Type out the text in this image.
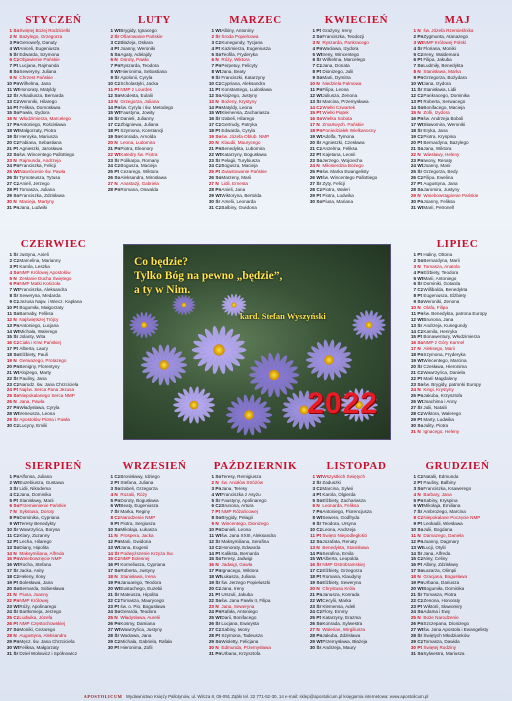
STYCZEŃ
1 So Świętej Bożej Rodzicielki
2 N Bazylego, Grzegorza
3 Pn Genowefy, Danuty
4 Wt Aniceli, Eugeniusza
5 Śr Edwarda, Szymona
6 Cz Objawienie Pańskie
7 Pt Lucjana, Rajmunda
8 So Seweryny, Juliana
9 N Chrzest Pańskie
10 Pn Wilhelma, Jana
11 Wt Honoraty, Matyldy
12 Śr Arkadiusza, Bernarda
13 Cz Weroniki, Hilarego
14 Pt Feliksa, Domosława
15 So Pawła, Izydora
16 N Włodzimierza, Marcelego
17 Pn Antoniego, Rościsława
18 Wt Małgorzaty, Piotra
19 Śr Henryka, Mariusza
20 Cz Fabiana, Sebastiana
21 Pt Agnieszki, Jarosława
22 So św. Wincentego Pallottiego
23 N Rajmunda, Andrzeja
24 Pn Franciszka, Felicji
25 Wt Nawrócenie św. Pawła
26 Śr Tymoteusza, Tytusa
27 Cz Anieli, Jerzego
28 Pt Tomasza, Juliana
29 So Franciszka, Zdzisława
30 N Macieja, Martyny
31 Pn Jana, Ludwiki
LUTY
1 Wt Brygidy, Ignacego
2 Śr Ofiarowanie Pańskie
3 Cz Błażeja, Oskara
4 Pt Joanny, Weroniki
5 So Agaty, Adelajdy
6 N Doroty, Pawła
7 Pn Ryszarda, Teodora
8 Wt Hieronima, Sebastiana
9 Śr Apolonii, Cyryla
10 Cz Scholastyki, Jacka
11 Pt NMP z Lourdes
12 So Modesta, Eulalii
13 N Grzegorza, Juliana
14 Pn św. Cyryla i św. Metodego
15 Wt Faustyna, Jowity
16 Śr Danieli, Julianny
17 Cz Zbigniewa, Juliana
18 Pt Szymona, Konstancji
19 So Konrada, Arnolda
20 N Leona, Ludomira
21 Pn Piotra, Eleonory
22 Wt Katedry św. Piotra
23 Śr Polikarpa, Romany
24 Cz Bogusza, Macieja
25 Pt Cezarego, Wiktora
26 So Aleksandra, Mirosława
27 N Anastazji, Gabriela
28 Pn Romana, Oswalda
MARZEC
1 Wt Albiny, Antoniny
2 Śr Środa Popielcowa
3 Cz Kunegundy, Tycjana
4 Pt Kazimierza, Eugeniusza
5 So Teofila, Fryderyka
6 N Róży, Wiktora
7 Pn Perpetuy, Felicyty
8 Wt Jana, Beaty
9 Śr Franciszki, Katarzyny
10 Cz Cypriana, Aleksandra
11 Pt Konstantego, Ludosława
12 So Alojzego, Justyny
13 N Bożeny, Krystyny
14 Pn Matyldy, Leona
15 Wt Klemensa, Zachariasza
16 Śr Izabeli, Hilarego
17 Cz Gertrudy, Patryka
18 Pt Edwarda, Cyryla
19 So św. Józefa Oblub. NMP
20 N Klaudii, Maurycego
21 Pn Benedykta, Lubomira
22 Wt Katarzyny, Bogusława
23 Śr Pelagii, Turybiusza
24 Cz Bogusza, Macieja
25 Pt Zwiastowanie Pańskie
26 So Marzeny, Marii
27 N Lidii, Ernesta
28 Pn Anieli, Jana
29 Wt Wiktoryna, Bertolda
30 Śr Amelii, Leonarda
31 Cz Balbiny, Gwidona
KWIECIEŃ
1 Pt Grażyny, Ireny
2 So Franciszka, Teodozji
3 N Ryszarda, Pankracego
4 Pn Wacława, Izydora
5 Wt Ireny, Wincentego
6 Śr Wilhelma, Marcelego
7 Cz Jana, Donata
8 Pt Dionizego, Julii
9 So Marii, Dymitra
10 N Niedziela Palmowa
11 Pn Filipa, Leona
12 Wt Juliusza, Zenona
13 Śr Marcina, Przemysława
14 Cz Wielki Czwartek
15 Pt Wielki Piątek
16 So Wielka Sobota
17 N Zmartwych. Pańskie
18 Pn Poniedziałek Wielkanocny
19 Wt Adolfa, Tymona
20 Śr Agnieszki, Czesława
21 Cz Anzelma, Feliksa
22 Pt Kajetana, Leonii
23 So Jerzego, Wojciecha
24 N Miłosierdzia Bożego
25 Pn św. Marka Ewangelisty
26 Wt św. Wincentego Pallottiego
27 Śr Zyty, Felicji
28 Cz Piotra, Waleri
29 Pt Piotra, Ludwika
30 So Piusa, Mariana
MAJ
1 N św. Józefa Rzemieślnika
2 Pn Zygmunta, Atanazego
3 Wt NMP Królowej Polski
4 Śr Floriana, Moniki
5 Cz Ireny, Waldemara
6 Pt Filipa, Jakuba
7 So Ludmiły, Benedykta
8 N Stanisława, Marka
9 Pn Grzegorza, Bożydara
10 Wt Jana, Izydora
11 Śr Stanisława, Lidii
12 Cz Pankracego, Dominika
13 Pt Roberta, Serwacego
14 So Bonifacego, Macieja
15 N Zofii, Izydora
16 Pn św. Andrzeja Boboli
17 Wt Sławomira, Weroniki
18 Śr Eryka, Jana
19 Cz Piotra, Kryspina
20 Pt Bernardyna, Bazylego
21 So Jana, Wiktora
22 N Wiesławy, Heleny
23 Pn Iwony, Renaty
24 Wt Joanny, Marii
25 Śr Grzegorza, Bedy
26 Cz Filipa, Ewelina
27 Pt Augustyna, Jana
28 So Jaromira, Justyny
29 N Wniebowstąpienie Pańskie
30 Pn Joanny, Feliksa
31 Wt Marii, Petronell
CZERWIEC
1 Śr Justyna, Anieli
2 Cz Marcelina, Marianny
3 Pt Karola, Leszka
4 So NMP Królowej Apostołów
5 N Zesłanie Ducha Świętego
6 Pn NMP Matki Kościoła
7 Wt Franciszka, Aleksandra
8 Śr Seweryna, Medarda
9 Cz Jezusa Najw. i Wiecz. Kapłana
10 Pt Bogumiła, Małgorzaty
11 So Barnaby, Feliksa
12 N Najświętszej Trójcy
13 Pn Antoniego, Lucjana
14 Wt Michała, Walerego
15 Śr Jolanty, Wita
16 Cz Ciała i Krwi Pańskiej
17 Pt Alberta, Laury
18 So Elżbiety, Pauli
19 N Gerwazego, Protazego
20 Pn Benigny, Florentyny
21 Wt Alojzego, Marty
22 Śr Pauliny, Jana
23 Cz Narodz. św. Jana Chrzciciela
24 Pt Najśw. Serca Pana Jezusa
25 So Niepokalanego Serca NMP
26 N Jana, Pawła
27 Pn Władysława, Cyryla
28 Wt Ireneusza, Leona
29 Śr Apostołów Piotra i Pawła
30 Cz Lucyny, Emilii
LIPIEC
1 Pt Haliny, Ottona
2 So Bernardyna, Marii
3 N Tomasza, Anatola
4 Pn Elżbiety, Teodora
5 Wt Marii, Antoniego
6 Śr Dominiki, Gotarda
7 Cz Willibalda, Benedykta
8 Pt Eugeniusza, Elżbiety
9 So Weroniki, Zenona
10 N Olafa, Filipa
11 Pn św. Benedykta, patrona Europy
12 Wt Brunona, Jana
13 Śr Andrzeja, Kunegundy
14 Cz Kamila, Henryka
15 Pt Bonawentury, Włodzimierza
16 So NMP z Góry Karmel
17 N Aleksego, Marii
18 Pn Szymona, Fryderyka
19 Wt Wincentego, Marcina
20 Śr Czesława, Hieronima
21 Cz Wawrzyńca, Daniela
22 Pt Marii Magdaleny
23 So św. Brygidy, patronki Europy
24 N Kingi, Krystyny
25 Pn Jakuba, Krzysztofa
26 Wt Joachima i Anny
27 Śr Julii, Natalii
28 Cz Wiktora, Walerego
29 Pt Marty, Ludwika
30 So Julity, Piotra
31 N Ignacego, Heleny
SIERPIEŃ
1 Pn Alfonsa, Juliana
2 Wt Euzebiusza, Gustawa
3 Śr Lidii, Nikodema
4 Cz Jana, Dominika
5 Pt Stanisławy, Marii
6 So Przemienienie Pańskie
7 N Sykstusa, Doroty
8 Pn Dominika, Cypriana
9 Wt Teresy Benedykty
10 Śr Wawrzyńca, Borysa
11 Cz Klary, Zuzanny
12 Pt Lecha, Hilarego
13 So Diany, Hipolita
14 N Maksymiliana, Alfreda
15 Pn Wniebowzięcie NMP
16 Wt Rocha, Stefana
17 Śr Jacka, Anity
18 Cz Heleny, Ilony
19 Pt Bolesława, Jana
20 So Bernarda, Sobiesława
21 N Piusa, Joanny
22 Pn NMP Królowej
23 Wt Róży, Apolinarego
24 Śr Bartłomieja, Jerzego
25 Cz Ludwika, Józefa
26 Pt NMP Częstochowskiej
27 So Moniki, Cezarego
28 N Augustyna, Aleksandra
29 Pn Męcz. św. Jana Chrzciciela
30 Wt Feliksa, Małgorzaty
31 Śr Dzieł Wołowicz i Spółnowicz
WRZESIEŃ
1 Cz Bronisławy, Idziego
2 Pt Stefana, Juliana
3 So Izabeli, Grzegorza
4 N Rozalii, Róży
5 Pn Doroty, Bogusława
6 Wt Beaty, Eugeniusza
7 Śr Marka, Reginy
8 Cz Narodzenie NMP
9 Pt Piotra, Sergiusza
10 So Mikołaja, Łukasza
11 N Prospera, Jacka
12 Pn Marii, Gwidona
13 Wt Jana, Eugenii
14 Śr Podwyższenie Krzyża Św.
15 Cz NMP Bolesnej
16 Pt Korneliusza, Cypriana
17 So Roberta, Justyny
18 N Stanisława, Irena
19 Pn Januarego, Teodora
20 Wt Eustachego, Euzebii
21 Śr Mateusza, Hipolita
22 Cz Tomasza, Maurycego
23 Pt św. o. Pio, Bogusława
24 So Gerarda, Teodora
25 N Władysława, Aurelii
26 Pn Kosmy, Damiana
27 Wt Wawrzyńca, Justyny
28 Śr Wacława, Jana
29 Cz Michała, Gabriela, Rafała
30 Pt Hieronima, Zofii
PAŹDZIERNIK
1 So Teresy, Remigiusza
2 N św. Aniołów Stróżów
3 Pn Jana, Teresy
4 Wt Franciszka z Asyżu
5 Śr Faustyny, Apolinarego
6 Cz Brunona, Artura
7 Pt NMP Różańcowej
8 So Brygidy, Pelagii
9 N Wincentego, Dionizego
10 Pn Danieli, Leona
11 Wt św. Jana XXIII, Aleksandra
12 Śr Maksymiliana, Serafina
13 Cz Honoraty, Edwarda
14 Pt Kaliksta, Bernarda
15 So Teresy, Jadwigi
16 N Jadwigi, Gawła
17 Pn Ignacego, Wiktora
18 Wt Łukasza, Juliana
19 Śr św. Jerzego Popiełuszki
20 Cz Jana, Ireny
21 Pt Urszuli, Jakuba
22 So św. Jana Pawła II, Filipa
23 N Jana, Seweryna
24 Pn Rafała, Antoniego
25 Wt Darii, Bonifacego
26 Śr Lucjana, Ewarysta
27 Cz Sabiny, Iwony
28 Pt Szymona, Tadeusza
29 So Wioletty, Felicjana
30 N Edmunda, Przemysława
31 Pn Urbana, Krzysztofa
LISTOPAD
1 Wt Wszystkich Świętych
2 Śr Zaduszki
3 Cz Marcina, Sylwii
4 Pt Karola, Olgierda
5 So Elżbiety, Zachariasza
6 N Leonarda, Feliksa
7 Pn Antoniego, Florencjusza
8 Wt Sewera, Godfryda
9 Śr Teodora, Ursyna
10 Cz Leona, Andrzeja
11 Pt Święto Niepodległości
12 So Jozafata, Renaty
13 N Benedykta, Stanisława
14 Pn Serafina, Emila
15 Wt Alberta, Leopolda
16 Śr NMP Ostrobramskiej
17 Cz Elżbiety, Grzegorza
18 Pt Romana, Klaudyny
19 So Elżbiety, Seweryna
20 N Chrystusa Króla
21 Pn Janusza, Konrada
22 Wt Cecylii, Marka
23 Śr Klemensa, Adeli
24 Cz Flory, Emmy
25 Pt Katarzyny, Erazma
26 So Konrada, Sylwestra
27 N Walerian, Wirgiliusza
28 Pn Jakuba, Zdzisława
29 Wt Przemysława, Błażeja
30 Śr Andrzeja, Maury
GRUDZIEŃ
1 Cz Natalii, Edmunda
2 Pt Pauliny, Balbiny
3 So Franciszka, Ksawerego
4 N Barbary, Jana
5 Pn Sabiny, Kryspina
6 Wt Mikołaja, Emiliana
7 Śr Ambrożego, Marcina
8 Cz Niepokalane Poczęcie NMP
9 Pt Leokadii, Wiesława
10 So Julii, Bogdana
11 N Damazego, Daniela
12 Pn Joanny, Dagmary
13 Wt Łucji, Otylii
14 Śr Jana, Alfreda
15 Cz Niny, Celiny
16 Pt Albiny, Zdzisławy
17 So Łazarza, Olimpii
18 N Gracjana, Bogusława
19 Pn Urbana, Dariusza
20 Wt Bogumiła, Dominika
21 Śr Tomasza, Piotra
22 Cz Zenona, Honoraty
23 Pt Wiktorii, Sławomiry
24 So Adama i Ewy
25 N Boże Narodzenie
26 Pn Szczepana, Dionizego
27 Wt św. Jana Apostoła i Ewangelisty
28 Śr Świętych Młodzianków
29 Cz Tomasza, Dawida
30 Pt Świętej Rodziny
31 So Sylwestra, Mariusza
Co będzie?
Tylko Bóg na pewno „będzie”,
a ty w Nim.
kard. Stefan Wyszyński
2022
APOSTOLICUM Wydawnictwo Księży Pallotynów, ul. Wilcza 8, 05-091 Ząbki tel. 22 771-52-30, 14 e-mail: sklep@apostolicum.pl księgarnia internetowa: www.apostolicum.pl
